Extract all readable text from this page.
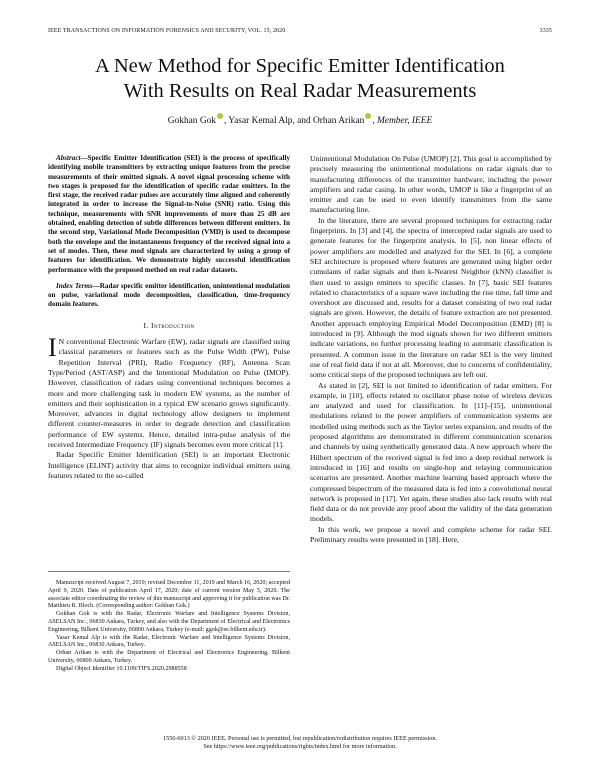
IEEE TRANSACTIONS ON INFORMATION FORENSICS AND SECURITY, VOL. 15, 2020	3335
A New Method for Specific Emitter Identification
With Results on Real Radar Measurements
Gokhan Gok , Yasar Kemal Alp, and Orhan Arikan , Member, IEEE

Abstract—Specific Emitter Identification (SEI) is the process of specifically identifying mobile transmitters by extracting unique features from the precise measurements of their emitted signals. A novel signal processing scheme with two stages is proposed for the identification of specific radar emitters. In the first stage, the received radar pulses are accurately time aligned and coherently integrated in order to increase the Signal-to-Noise (SNR) ratio. Using this technique, measurements with SNR improvements of more than 25 dB are obtained, enabling detection of subtle differences between different emitters. In the second step, Variational Mode Decomposition (VMD) is used to decompose both the envelope and the instantaneous frequency of the received signal into a set of modes. Then, these mod signals are characterized by using a group of features for identification. We demonstrate highly successful identification performance with the proposed method on real radar datasets.

Index Terms—Radar specific emitter identification, unintentional modulation on pulse, variational mode decomposition, classification, time-frequency domain features.

I. Introduction

I N conventional Electronic Warfare (EW), radar signals are classified using classical parameters or features such as the Pulse Width (PW), Pulse Repetition Interval (PRI), Radio Frequency (RF), Antenna Scan Type/Period (AST/ASP) and the Intentional Modulation on Pulse (IMOP). However, classification of radars using conventional techniques becomes a more and more challenging task in modern EW systems, as the number of emitters and their sophistication in a typical EW scenario grows significantly. Moreover, advances in digital technology allow designers to implement different counter-measures in order to degrade detection and classification performance of EW systems. Hence, detailed intra-pulse analysis of the received Intermediate Frequency (IF) signals becomes even more critical [1].

Radar Specific Emitter Identification (SEI) is an important Electronic Intelligence (ELINT) activity that aims to recognize individual emitters using features related to the so-called

Manuscript received August 7, 2019; revised December 11, 2019 and March 16, 2020; accepted April 9, 2020. Date of publication April 17, 2020; date of current version May 5, 2020. The associate editor coordinating the review of this manuscript and approving it for publication was Dr. Matthieu R. Bloch. (Corresponding author: Gokhan Gok.)

Gokhan Gok is with the Radar, Electronic Warfare and Intelligence Systems Division, ASELSAN Inc., 06830 Ankara, Turkey, and also with the Department of Electrical and Electronics Engineering, Bilkent University, 06800 Ankara, Turkey (e-mail: ggok@ee.bilkent.edu.tr).

Yasar Kemal Alp is with the Radar, Electronic Warfare and Intelligence Systems Division, ASELSAN Inc., 06830 Ankara, Turkey.

Orhan Arikan is with the Department of Electrical and Electronics Engineering, Bilkent University, 06800 Ankara, Turkey.

Digital Object Identifier 10.1109/TIFS.2020.2988558

Unintentional Modulation On Pulse (UMOP) [2]. This goal is accomplished by precisely measuring the unintentional modulations on radar signals due to manufacturing differences of the transmitter hardware, including the power amplifiers and radar casing. In other words, UMOP is like a fingerprint of an emitter and can be used to even identify transmitters from the same manufacturing line.

In the literature, there are several proposed techniques for extracting radar fingerprints. In [3] and [4], the spectra of intercepted radar signals are used to generate features for the fingerprint analysis. In [5], non linear effects of power amplifiers are modelled and analyzed for the SEI. In [6], a complete SEI architecture is proposed where features are generated using higher order cumulants of radar signals and then k-Nearest Neighbor (kNN) classifier is then used to assign emitters to specific classes. In [7], basic SEI features related to characteristics of a square wave including the rise time, fall time and overshoot are discussed and, results for a dataset consisting of two real radar signals are given. However, the details of feature extraction are not presented. Another approach employing Empirical Model Decomposition (EMD) [8] is introduced in [9]. Although the mod signals shown for two different emitters indicate variations, no further processing leading to automatic classification is presented. A common issue in the literature on radar SEI is the very limited use of real field data if not at all. Moreover, due to concerns of confidentiality, some critical steps of the proposed techniques are left out.

As stated in [2], SEI is not limited to identification of radar emitters. For example, in [10], effects related to oscillator phase noise of wireless devices are analyzed and used for classification. In [11]–[15], unintentional modulations related to the power amplifiers of communication systems are modelled using methods such as the Taylor series expansion, and results of the proposed algorithms are demonstrated in different communication scenarios and channels by using synthetically generated data. A new approach where the Hilbert spectrum of the received signal is fed into a deep residual network is introduced in [16] and results on single-hop and relaying communication scenarios are presented. Another machine learning based approach where the compressed bispectrum of the measured data is fed into a convolutional neural network is proposed in [17]. Yet again, these studies also lack results with real field data or do not provide any proof about the validity of the data generation models.

In this work, we propose a novel and complete scheme for radar SEI. Preliminary results were presented in [18]. Here,

1556-6013 © 2020 IEEE. Personal use is permitted, but republication/redistribution requires IEEE permission.
See https://www.ieee.org/publications/rights/index.html for more information.
